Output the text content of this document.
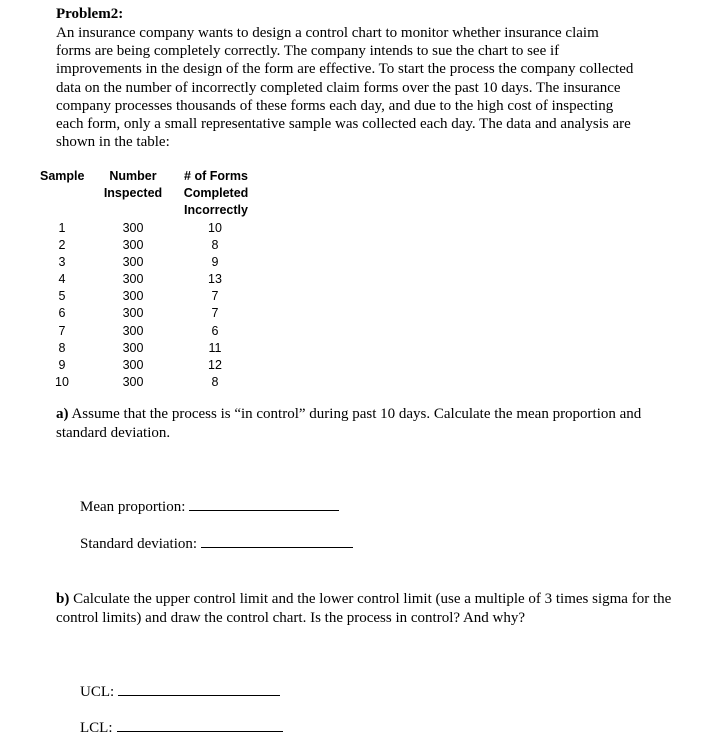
Problem2:
An insurance company wants to design a control chart to monitor whether insurance claim
forms are being completely correctly. The company intends to sue the chart to see if
improvements in the design of the form are effective. To start the process the company collected
data on the number of incorrectly completed claim forms over the past 10 days. The insurance
company processes thousands of these forms each day, and due to the high cost of inspecting
each form, only a small representative sample was collected each day. The data and analysis are
shown in the table:
Sample	Number
Inspected
# of Forms
Completed
Incorrectly
1
2
3
4
5
6
7
8
9
10
300
300
300
300
300
300
300
300
300
300
10
8
9
13
7
7
6
11
12
8
a) Assume that the process is “in control” during past 10 days. Calculate the mean proportion and standard deviation.
Mean proportion:
Standard deviation:
b) Calculate the upper control limit and the lower control limit (use a multiple of 3 times sigma for the control limits) and draw the control chart. Is the process in control? And why?
UCL:
LCL:
